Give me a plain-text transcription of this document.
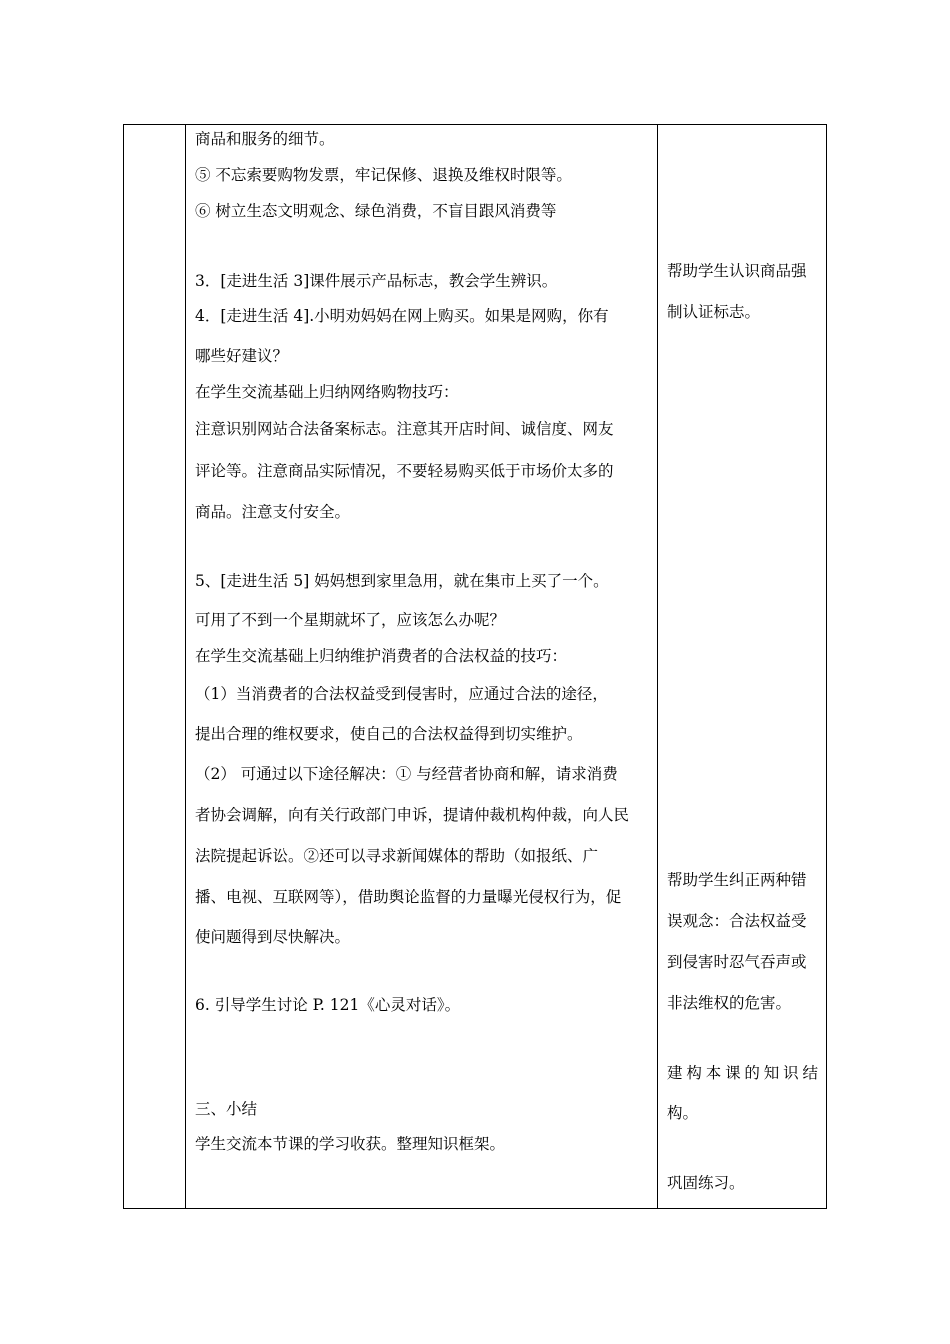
商品和服务的细节。
⑤ 不忘索要购物发票，牢记保修、退换及维权时限等。
⑥ 树立生态文明观念、绿色消费，不盲目跟风消费等
3．[走进生活 3]课件展示产品标志，教会学生辨识。
4．[走进生活 4].小明劝妈妈在网上购买。如果是网购，你有
哪些好建议？
在学生交流基础上归纳网络购物技巧：
注意识别网站合法备案标志。注意其开店时间、诚信度、网友
评论等。注意商品实际情况，不要轻易购买低于市场价太多的
商品。注意支付安全。
5、[走进生活 5] 妈妈想到家里急用，就在集市上买了一个。
可用了不到一个星期就坏了，应该怎么办呢？
在学生交流基础上归纳维护消费者的合法权益的技巧：
（1）当消费者的合法权益受到侵害时，应通过合法的途径，
提出合理的维权要求，使自己的合法权益得到切实维护。
（2） 可通过以下途径解决：① 与经营者协商和解，请求消费
者协会调解，向有关行政部门申诉，提请仲裁机构仲裁，向人民
法院提起诉讼。②还可以寻求新闻媒体的帮助（如报纸、广
播、电视、互联网等），借助舆论监督的力量曝光侵权行为，促
使问题得到尽快解决。
6. 引导学生讨论 P. 121《心灵对话》。
三、小结
学生交流本节课的学习收获。整理知识框架。
帮助学生认识商品强
制认证标志。
帮助学生纠正两种错
误观念：合法权益受
到侵害时忍气吞声或
非法维权的危害。
建构本课的知识结
构。
巩固练习。
